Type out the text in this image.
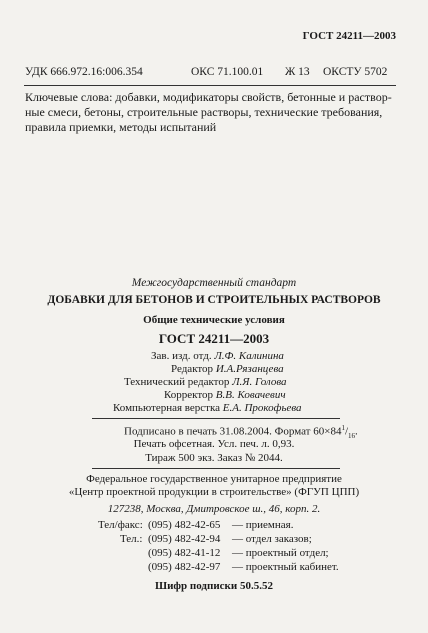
ГОСТ 24211—2003
УДК 666.972.16:006.354	ОКС 71.100.01 Ж 13 ОКСТУ 5702
Ключевые слова: добавки, модификаторы свойств, бетонные и раствор-
ные смеси, бетоны, строительные растворы, технические требования,
правила приемки, методы испытаний
Межгосударственный стандарт
ДОБАВКИ ДЛЯ БЕТОНОВ И СТРОИТЕЛЬНЫХ РАСТВОРОВ
Общие технические условия
ГОСТ 24211—2003
Зав. изд. отд. Л.Ф. Калинина
Редактор И.А.Рязанцева
Технический редактор Л.Я. Голова
Корректор В.В. Ковачевич
Компьютерная верстка Е.А. Прокофьева
Подписано в печать 31.08.2004. Формат $60\times 84^1/_{16}$.
Печать офсетная. Усл. печ. л. 0,93.
Тираж 500 экз. Заказ № 2044.
Федеральное государственное унитарное предприятие
«Центр проектной продукции в строительстве» (ФГУП ЦПП)
127238, Москва, Дмитровское ш., 46, корп. 2.
Тел/факс: (095) 482-42-65 — приемная.
Тел.: (095) 482-42-94 — отдел заказов;
(095) 482-41-12 — проектный отдел;
(095) 482-42-97 — проектный кабинет.
Шифр подписки 50.5.52
